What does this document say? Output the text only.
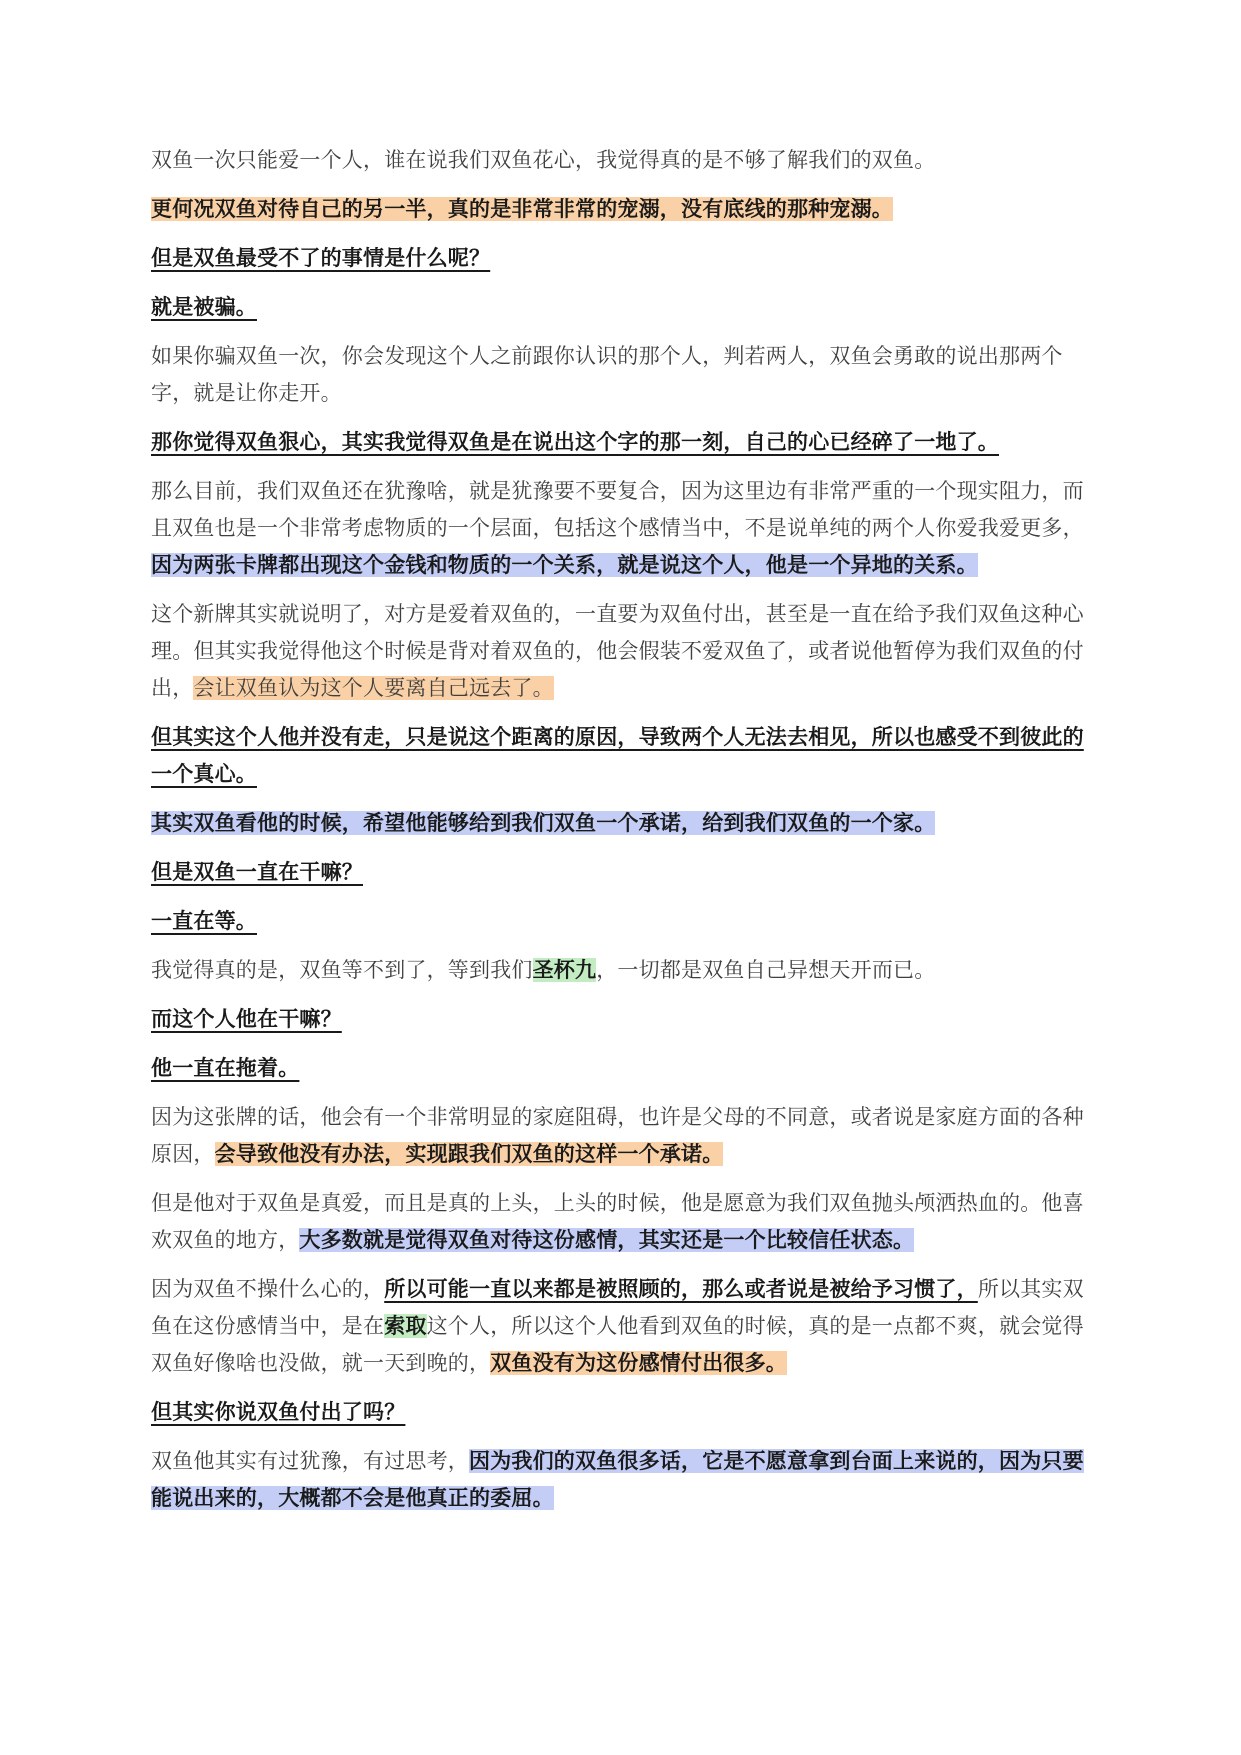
双鱼一次只能爱一个人，谁在说我们双鱼花心，我觉得真的是不够了解我们的双鱼。

更何况双鱼对待自己的另一半，真的是非常非常的宠溺，没有底线的那种宠溺。

但是双鱼最受不了的事情是什么呢？

就是被骗。

如果你骗双鱼一次，你会发现这个人之前跟你认识的那个人，判若两人，双鱼会勇敢的说出那两个字，就是让你走开。

那你觉得双鱼狠心，其实我觉得双鱼是在说出这个字的那一刻，自己的心已经碎了一地了。

那么目前，我们双鱼还在犹豫啥，就是犹豫要不要复合，因为这里边有非常严重的一个现实阻力，而且双鱼也是一个非常考虑物质的一个层面，包括这个感情当中，不是说单纯的两个人你爱我爱更多，因为两张卡牌都出现这个金钱和物质的一个关系，就是说这个人，他是一个异地的关系。

这个新牌其实就说明了，对方是爱着双鱼的，一直要为双鱼付出，甚至是一直在给予我们双鱼这种心理。但其实我觉得他这个时候是背对着双鱼的，他会假装不爱双鱼了，或者说他暂停为我们双鱼的付出，会让双鱼认为这个人要离自己远去了。

但其实这个人他并没有走，只是说这个距离的原因，导致两个人无法去相见，所以也感受不到彼此的一个真心。

其实双鱼看他的时候，希望他能够给到我们双鱼一个承诺，给到我们双鱼的一个家。

但是双鱼一直在干嘛？

一直在等。

我觉得真的是，双鱼等不到了，等到我们圣杯九，一切都是双鱼自己异想天开而已。

而这个人他在干嘛？

他一直在拖着。

因为这张牌的话，他会有一个非常明显的家庭阻碍，也许是父母的不同意，或者说是家庭方面的各种原因，会导致他没有办法，实现跟我们双鱼的这样一个承诺。

但是他对于双鱼是真爱，而且是真的上头，上头的时候，他是愿意为我们双鱼抛头颅洒热血的。他喜欢双鱼的地方，大多数就是觉得双鱼对待这份感情，其实还是一个比较信任状态。

因为双鱼不操什么心的，所以可能一直以来都是被照顾的，那么或者说是被给予习惯了，所以其实双鱼在这份感情当中，是在索取这个人，所以这个人他看到双鱼的时候，真的是一点都不爽，就会觉得双鱼好像啥也没做，就一天到晚的，双鱼没有为这份感情付出很多。

但其实你说双鱼付出了吗？

双鱼他其实有过犹豫，有过思考，因为我们的双鱼很多话，它是不愿意拿到台面上来说的，因为只要能说出来的，大概都不会是他真正的委屈。
